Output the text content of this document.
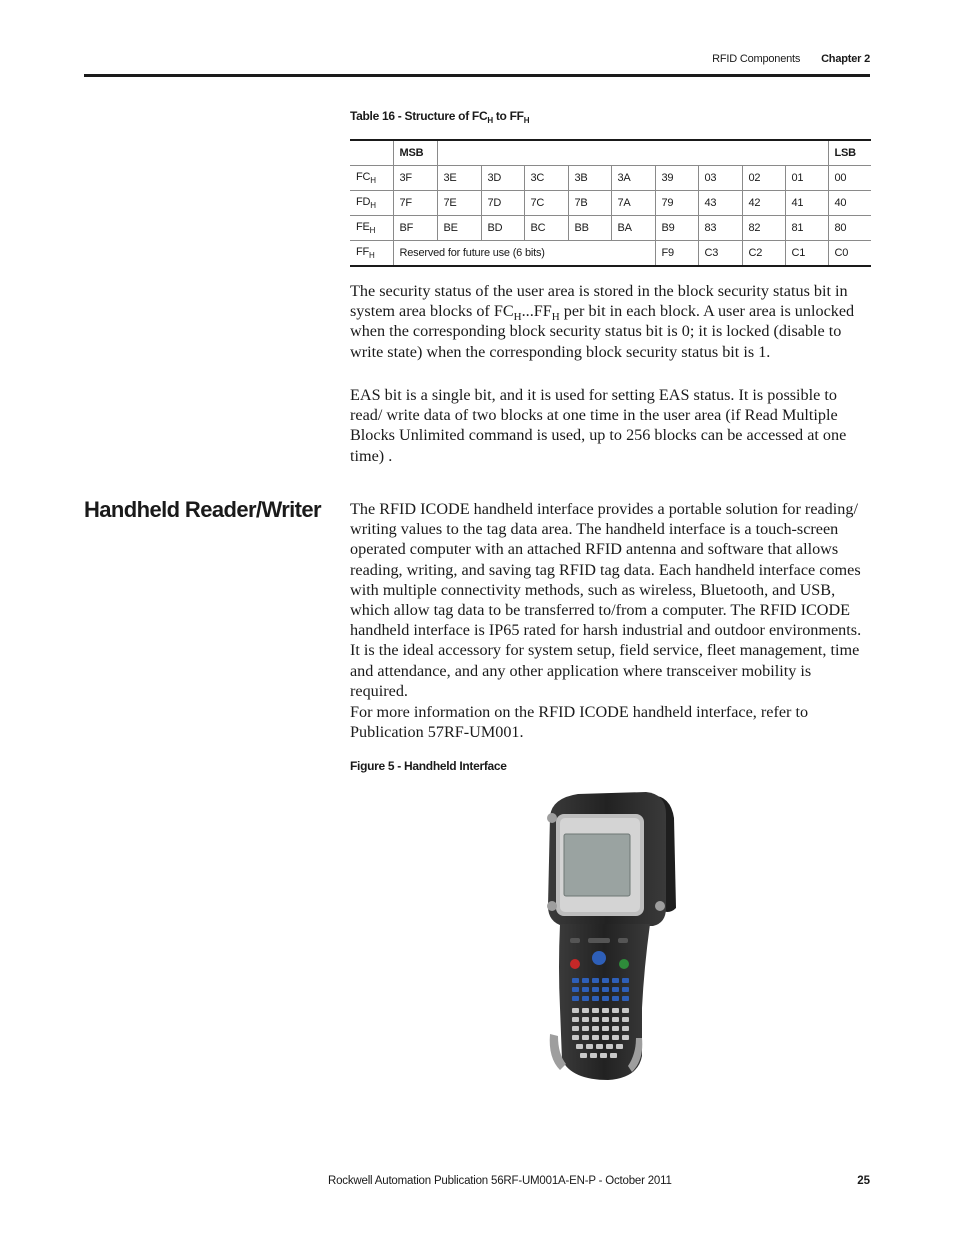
RFID Components Chapter 2
Table 16 - Structure of $FC_H$ to $FF_H$
	MSB										LSB
$FC_H$	3F	3E	3D	3C	3B	3A	39	03	02	01	00
$FD_H$	7F	7E	7D	7C	7B	7A	79	43	42	41	40
$FE_H$	BF	BE	BD	BC	BB	BA	B9	83	82	81	80
$FF_H$	Reserved for future use (6 bits)						F9	C3	C2	C1	C0

The security status of the user area is stored in the block security status bit in system area blocks of $FC_H...FF_H$ per bit in each block. A user area is unlocked when the corresponding block security status bit is 0; it is locked (disable to write state) when the corresponding block security status bit is 1.

EAS bit is a single bit, and it is used for setting EAS status. It is possible to read/ write data of two blocks at one time in the user area (if Read Multiple Blocks Unlimited command is used, up to 256 blocks can be accessed at one time) .

Handheld Reader/Writer The RFID ICODE handheld interface provides a portable solution for reading/ writing values to the tag data area. The handheld interface is a touch-screen operated computer with an attached RFID antenna and software that allows reading, writing, and saving tag RFID tag data. Each handheld interface comes with multiple connectivity methods, such as wireless, Bluetooth, and USB, which allow tag data to be transferred to/from a computer. The RFID ICODE handheld interface is IP65 rated for harsh industrial and outdoor environments. It is the ideal accessory for system setup, field service, fleet management, time and attendance, and any other application where transceiver mobility is required.

For more information on the RFID ICODE handheld interface, refer to Publication 57RF-UM001.

Figure 5 - Handheld Interface
Rockwell Automation Publication 56RF-UM001A-EN-P - October 2011	25
